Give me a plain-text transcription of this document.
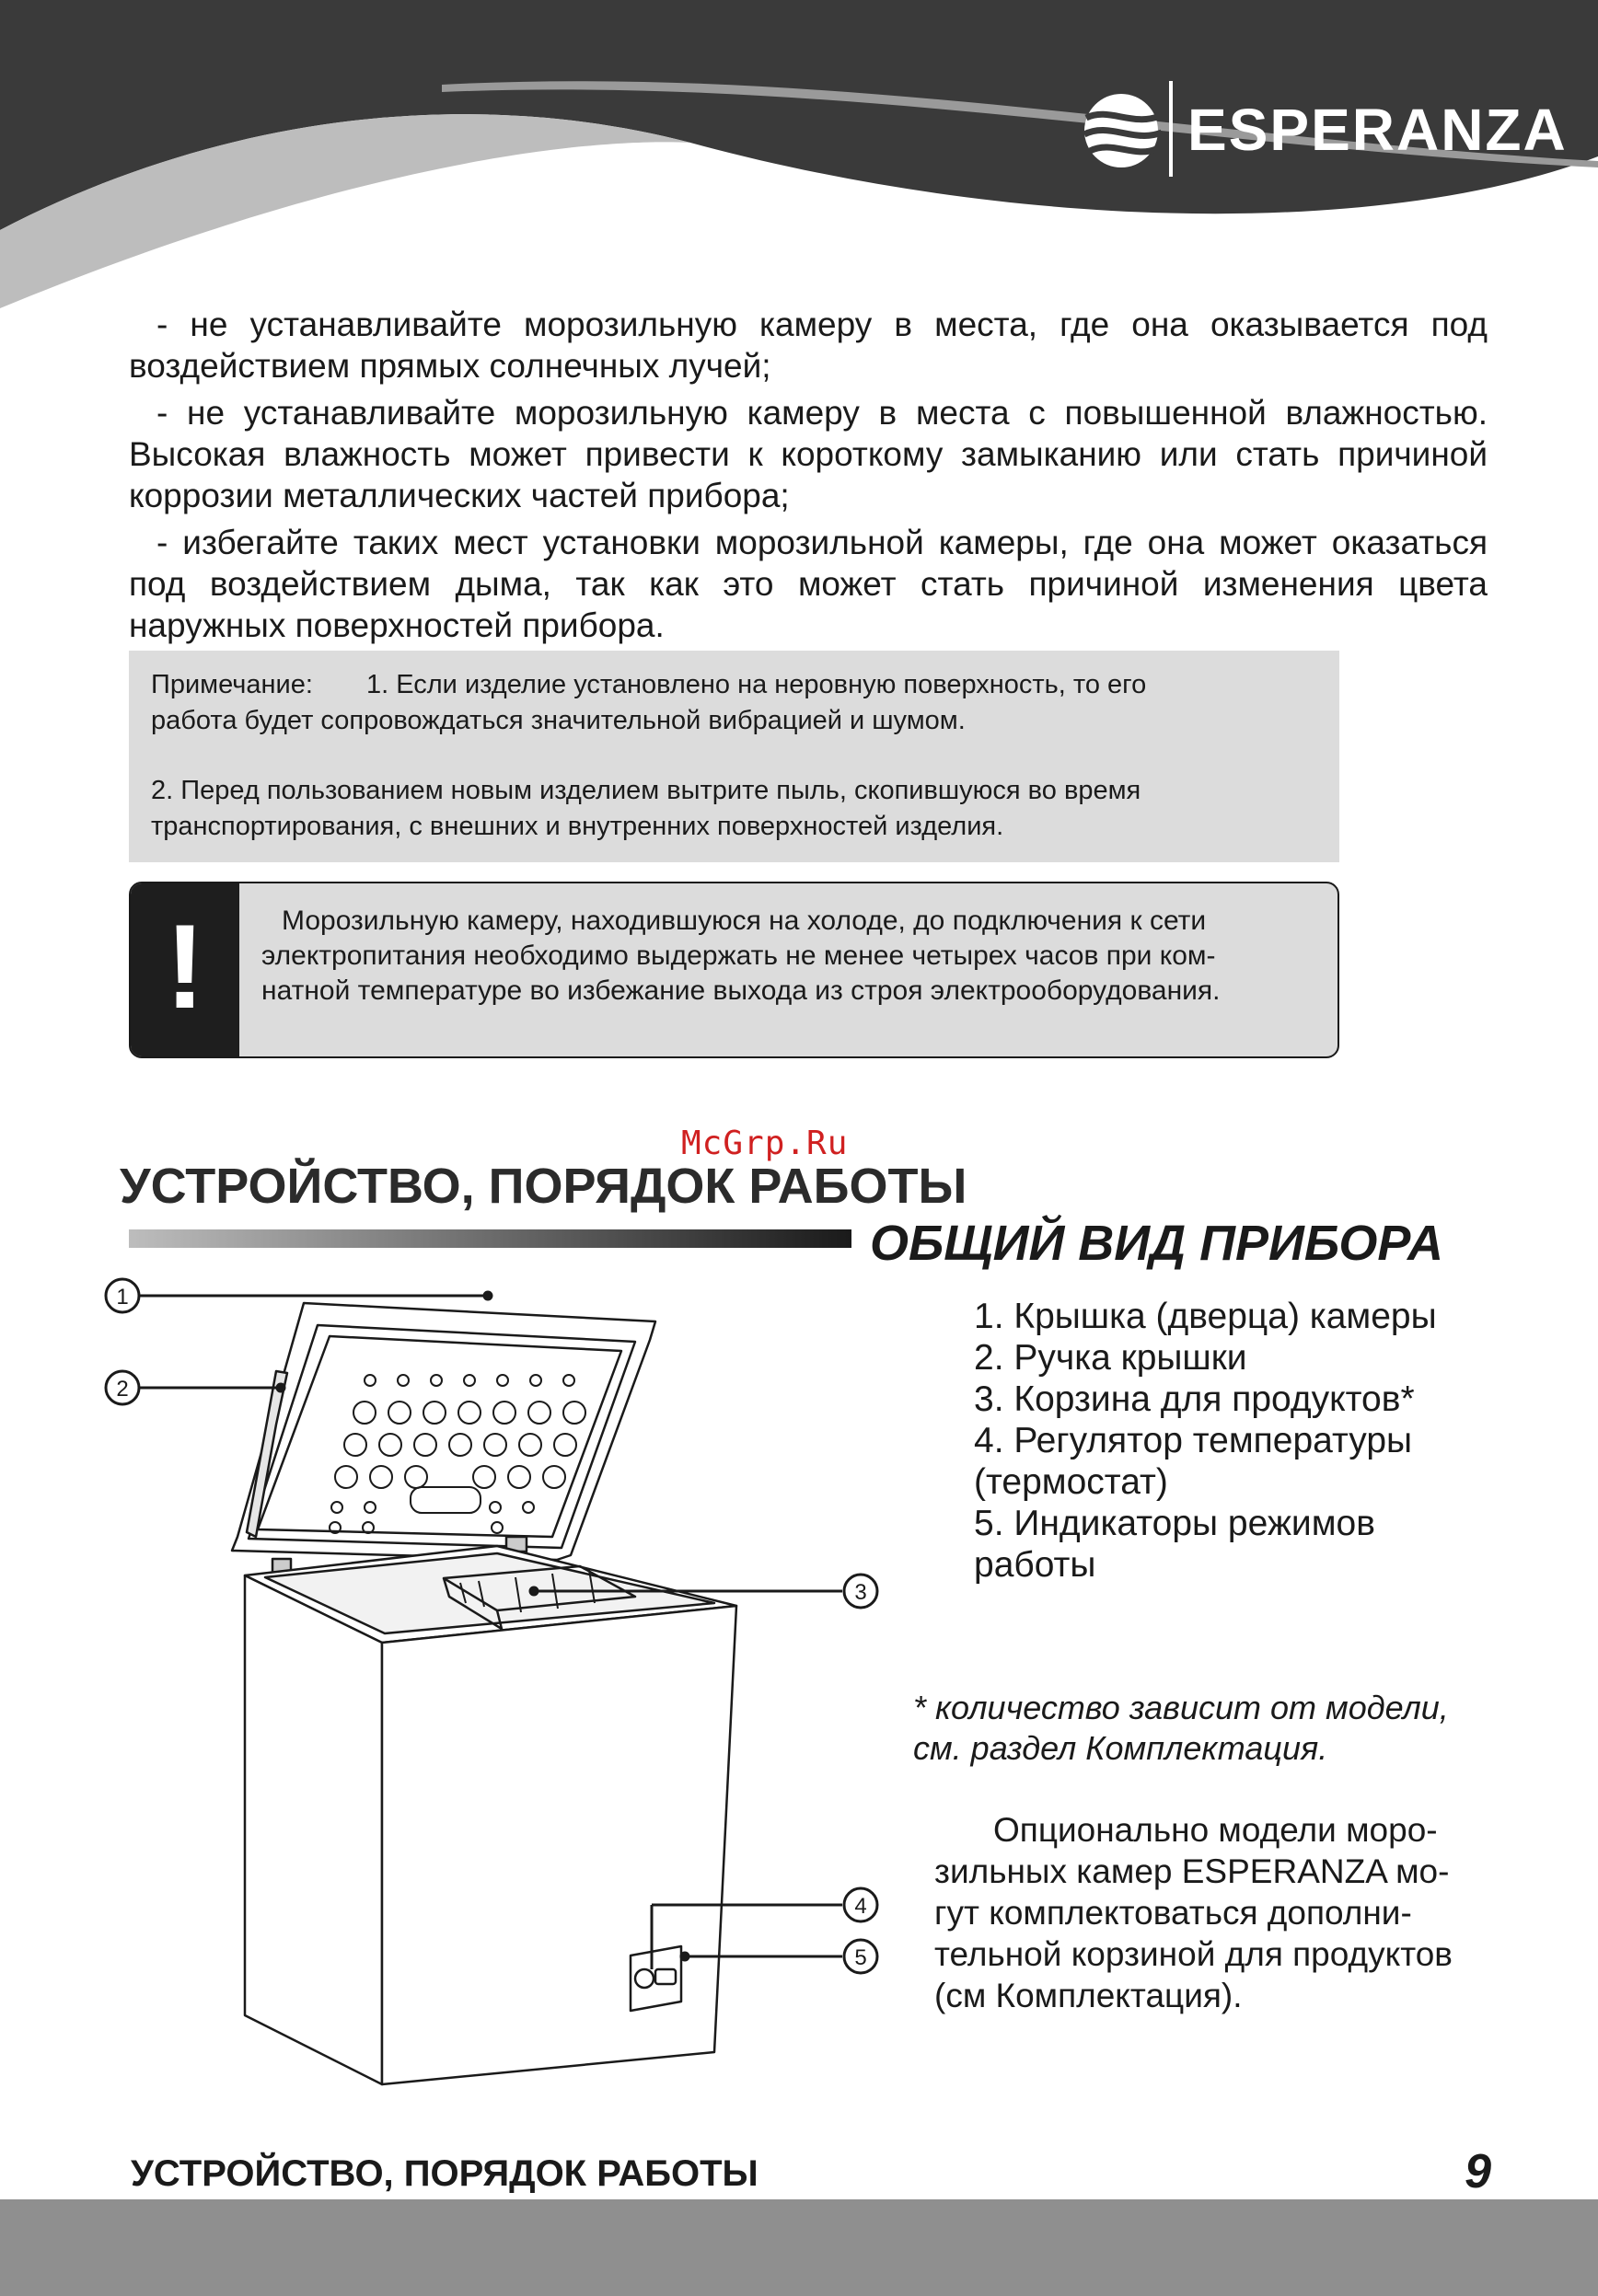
ESPERANZA

- не устанавливайте морозильную камеру в места, где она оказывается под воздействием прямых солнечных лучей;

- не устанавливайте морозильную камеру в места с повышенной влажностью. Высокая влажность может привести к короткому замыканию или стать причиной коррозии металлических частей прибора;

- избегайте таких мест установки морозильной камеры, где она может оказаться под воздействием дыма, так как это может стать причиной изменения цвета наружных поверхностей прибора.

Примечание: 1. Если изделие установлено на неровную поверхность, то его
работа будет сопровождаться значительной вибрацией и шумом.
2. Перед пользованием новым изделием вытрите пыль, скопившуюся во время
транспортирования, с внешних и внутренних поверхностей изделия.
!	Морозильную камеру, находившуюся на холоде, до подключения к сети
электропитания необходимо выдержать не менее четырех часов при ком-
натной температуре во избежание выхода из строя электрооборудования.
McGrp.Ru
УСТРОЙСТВО, ПОРЯДОК РАБОТЫ
ОБЩИЙ ВИД ПРИБОРА
1
2
3
4
5
1. Крышка (дверца) камеры
2. Ручка крышки
3. Корзина для продуктов*
4. Регулятор температуры
(термостат)
5. Индикаторы режимов
работы
* количество зависит от модели,
см. раздел Комплектация.
Опционально модели моро-
зильных камер ESPERANZA мо-
гут комплектоваться дополни-
тельной корзиной для продуктов
(см Комплектация).
УСТРОЙСТВО, ПОРЯДОК РАБОТЫ	9
